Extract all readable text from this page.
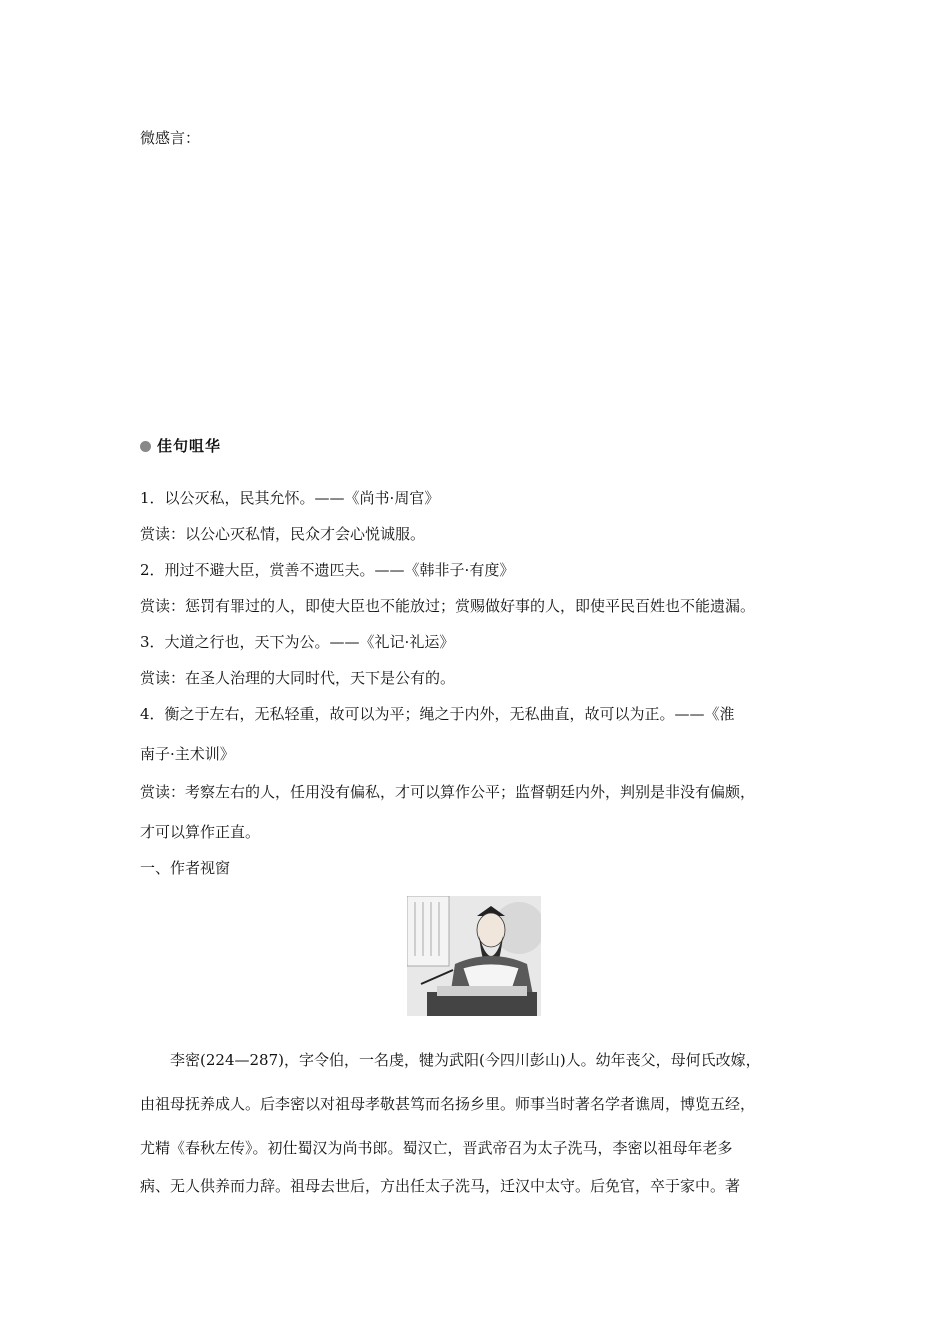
微感言：
佳句咀华
1．以公灭私，民其允怀。——《尚书·周官》
赏读：以公心灭私情，民众才会心悦诚服。
2．刑过不避大臣，赏善不遗匹夫。——《韩非子·有度》
赏读：惩罚有罪过的人，即使大臣也不能放过；赏赐做好事的人，即使平民百姓也不能遗漏。
3．大道之行也，天下为公。——《礼记·礼运》
赏读：在圣人治理的大同时代，天下是公有的。
4．衡之于左右，无私轻重，故可以为平；绳之于内外，无私曲直，故可以为正。——《淮
南子·主术训》
赏读：考察左右的人，任用没有偏私，才可以算作公平；监督朝廷内外，判别是非没有偏颇，
才可以算作正直。
一、作者视窗
　　李密(224—287)，字令伯，一名虔，犍为武阳(今四川彭山)人。幼年丧父，母何氏改嫁，
由祖母抚养成人。后李密以对祖母孝敬甚笃而名扬乡里。师事当时著名学者谯周，博览五经，
尤精《春秋左传》。初仕蜀汉为尚书郎。蜀汉亡，晋武帝召为太子洗马，李密以祖母年老多
病、无人供养而力辞。祖母去世后，方出任太子洗马，迁汉中太守。后免官，卒于家中。著
